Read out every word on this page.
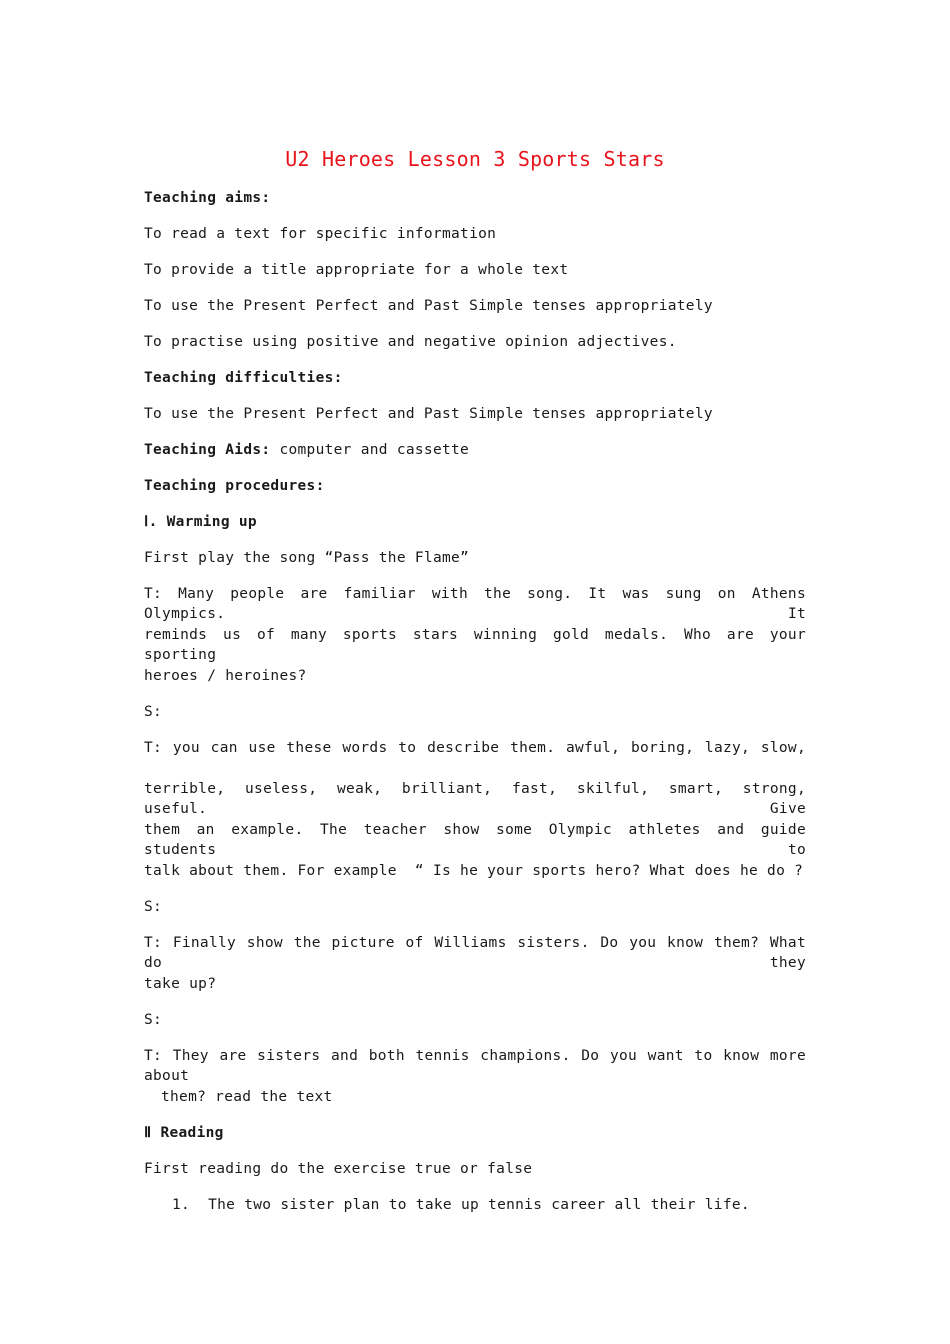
U2 Heroes Lesson 3 Sports Stars
Teaching aims:
To read a text for specific information
To provide a title appropriate for a whole text
To use the Present Perfect and Past Simple tenses appropriately
To practise using positive and negative opinion adjectives.
Teaching difficulties:
To use the Present Perfect and Past Simple tenses appropriately
Teaching Aids: computer and cassette
Teaching procedures:
Ⅰ. Warming up
First play the song “Pass the Flame”
T: Many people are familiar with the song. It was sung on Athens Olympics. It
reminds us of many sports stars winning gold medals. Who are your sporting
heroes / heroines?
S:
T: you can use these words to describe them. awful, boring, lazy, slow,
terrible, useless, weak, brilliant, fast, skilful, smart, strong, useful. Give
them an example. The teacher show some Olympic athletes and guide students to
talk about them. For example  “ Is he your sports hero? What does he do ?
S:
T: Finally show the picture of Williams sisters. Do you know them? What do they
take up?
S:
T: They are sisters and both tennis champions. Do you want to know more about
them? read the text
Ⅱ Reading
First reading do the exercise true or false
1.  The two sister plan to take up tennis career all their life.
